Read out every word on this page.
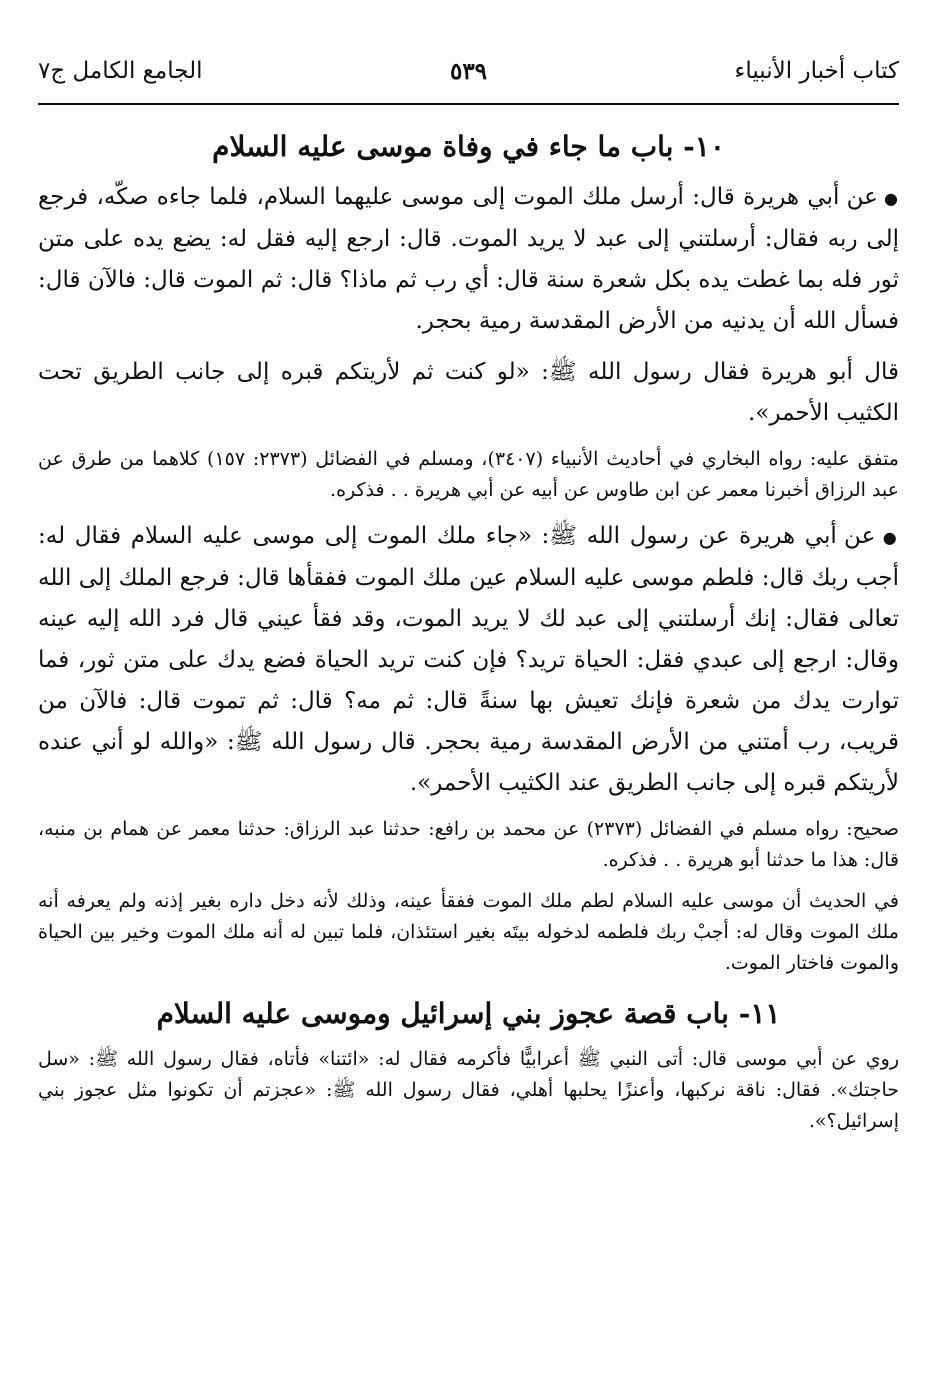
كتاب أخبار الأنبياء
٥٣٩
الجامع الكامل ج٧
١٠- باب ما جاء في وفاة موسى عليه السلام

● عن أبي هريرة قال: أرسل ملك الموت إلى موسى عليهما السلام، فلما جاءه صكّه، فرجع إلى ربه فقال: أرسلتني إلى عبد لا يريد الموت. قال: ارجع إليه فقل له: يضع يده على متن ثور فله بما غطت يده بكل شعرة سنة قال: أي رب ثم ماذا؟ قال: ثم الموت قال: فالآن قال: فسأل الله أن يدنيه من الأرض المقدسة رمية بحجر.

قال أبو هريرة فقال رسول الله ﷺ: «لو كنت ثم لأريتكم قبره إلى جانب الطريق تحت الكثيب الأحمر».

متفق عليه: رواه البخاري في أحاديث الأنبياء (٣٤٠٧)، ومسلم في الفضائل (٢٣٧٣: ١٥٧) كلاهما من طرق عن عبد الرزاق أخبرنا معمر عن ابن طاوس عن أبيه عن أبي هريرة . . فذكره.

● عن أبي هريرة عن رسول الله ﷺ: «جاء ملك الموت إلى موسى عليه السلام فقال له: أجب ربك قال: فلطم موسى عليه السلام عين ملك الموت ففقأها قال: فرجع الملك إلى الله تعالى فقال: إنك أرسلتني إلى عبد لك لا يريد الموت، وقد فقأ عيني قال فرد الله إليه عينه وقال: ارجع إلى عبدي فقل: الحياة تريد؟ فإن كنت تريد الحياة فضع يدك على متن ثور، فما توارت يدك من شعرة فإنك تعيش بها سنةً قال: ثم مه؟ قال: ثم تموت قال: فالآن من قريب، رب أمتني من الأرض المقدسة رمية بحجر. قال رسول الله ﷺ: «والله لو أني عنده لأريتكم قبره إلى جانب الطريق عند الكثيب الأحمر».

صحيح: رواه مسلم في الفضائل (٢٣٧٣) عن محمد بن رافع: حدثنا عبد الرزاق: حدثنا معمر عن همام بن منبه، قال: هذا ما حدثنا أبو هريرة . . فذكره.

في الحديث أن موسى عليه السلام لطم ملك الموت ففقأ عينه، وذلك لأنه دخل داره بغير إذنه ولم يعرفه أنه ملك الموت وقال له: أجبْ ربك فلطمه لدخوله بيتَه بغير استئذان، فلما تبين له أنه ملك الموت وخير بين الحياة والموت فاختار الموت.

١١- باب قصة عجوز بني إسرائيل وموسى عليه السلام

روي عن أبي موسى قال: أتى النبي ﷺ أعرابيًّا فأكرمه فقال له: «ائتنا» فأتاه، فقال رسول الله ﷺ: «سل حاجتك». فقال: ناقة نركبها، وأعنزًا يحلبها أهلي، فقال رسول الله ﷺ: «عجزتم أن تكونوا مثل عجوز بني إسرائيل؟».
